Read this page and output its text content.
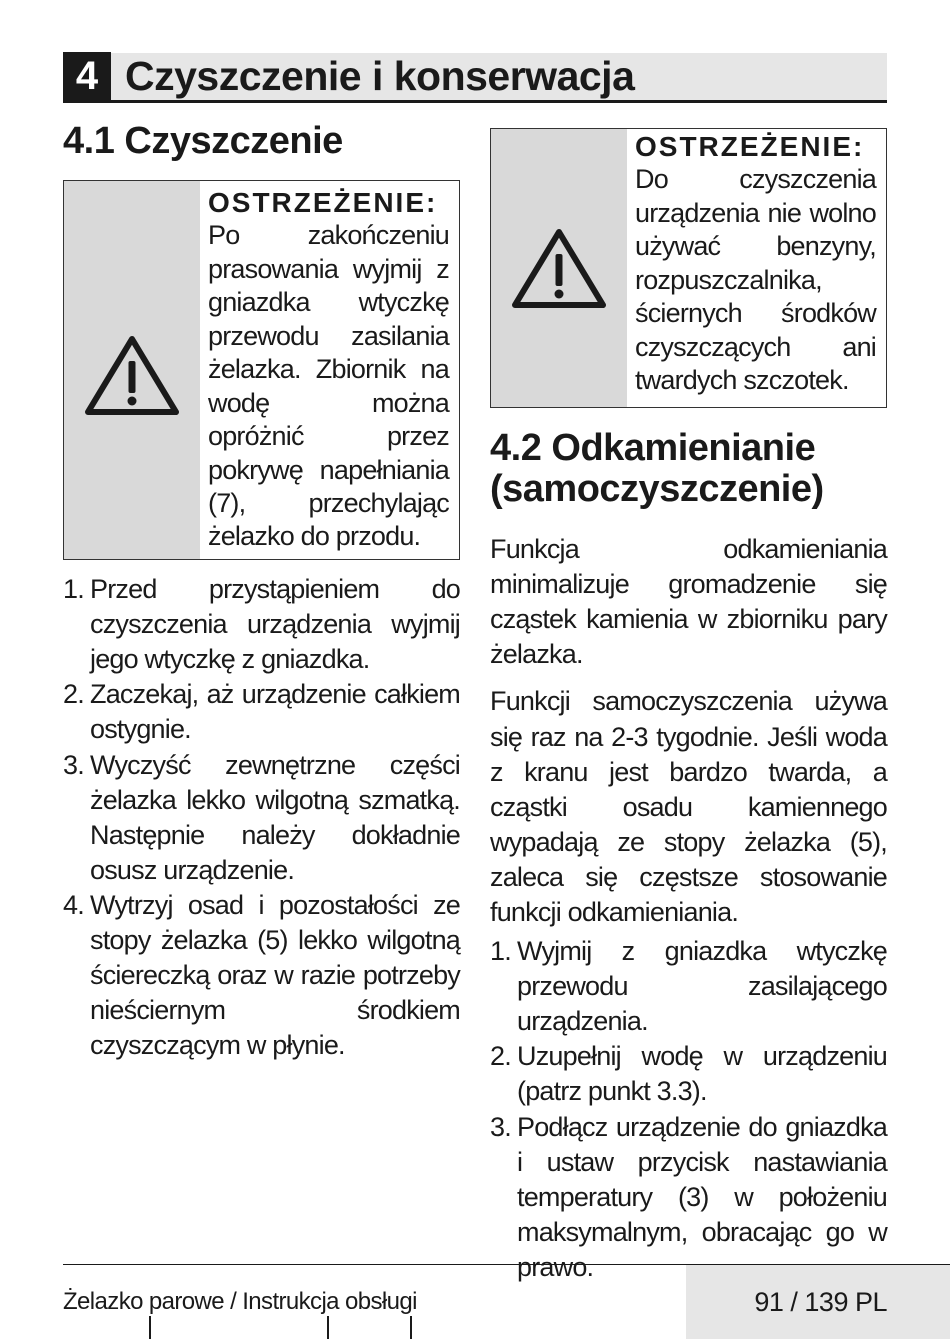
4 Czyszczenie i konserwacja
4.1 Czyszczenie
OSTRZEŻENIE:
Po zakończeniu prasowania wyjmij z gniazdka wtyczkę przewodu zasilania żelazka. Zbiornik na wodę można opróżnić przez pokrywę napełniania (7), przechylając żelazko do przodu.
1. Przed przystąpieniem do czyszczenia urządzenia wyjmij jego wtyczkę z gniazdka.
2. Zaczekaj, aż urządzenie całkiem ostygnie.
3. Wyczyść zewnętrzne części żelazka lekko wilgotną szmatką. Następnie należy dokładnie osusz urządzenie.
4. Wytrzyj osad i pozostałości ze stopy żelazka (5) lekko wilgotną ściereczką oraz w razie potrzeby nieściernym środkiem czyszczącym w płynie.
OSTRZEŻENIE:
Do czyszczenia urządzenia nie wolno używać benzyny, rozpuszczalnika, ściernych środków czyszczących ani twardych szczotek.
4.2 Odkamienianie
(samoczyszczenie)

Funkcja odkamieniania minimalizuje gromadzenie się cząstek kamienia w zbiorniku pary żelazka.

Funkcji samoczyszczenia używa się raz na 2-3 tygodnie. Jeśli woda z kranu jest bardzo twarda, a cząstki osadu kamiennego wypadają ze stopy żelazka (5), zaleca się częstsze stosowanie funkcji odkamieniania.

1. Wyjmij z gniazdka wtyczkę przewodu zasilającego urządzenia.
2. Uzupełnij wodę w urządzeniu (patrz punkt 3.3).
3. Podłącz urządzenie do gniazdka i ustaw przycisk nastawiania temperatury (3) w położeniu maksymalnym, obracając go w prawo.
Żelazko parowe / Instrukcja obsługi	91 / 139 PL
